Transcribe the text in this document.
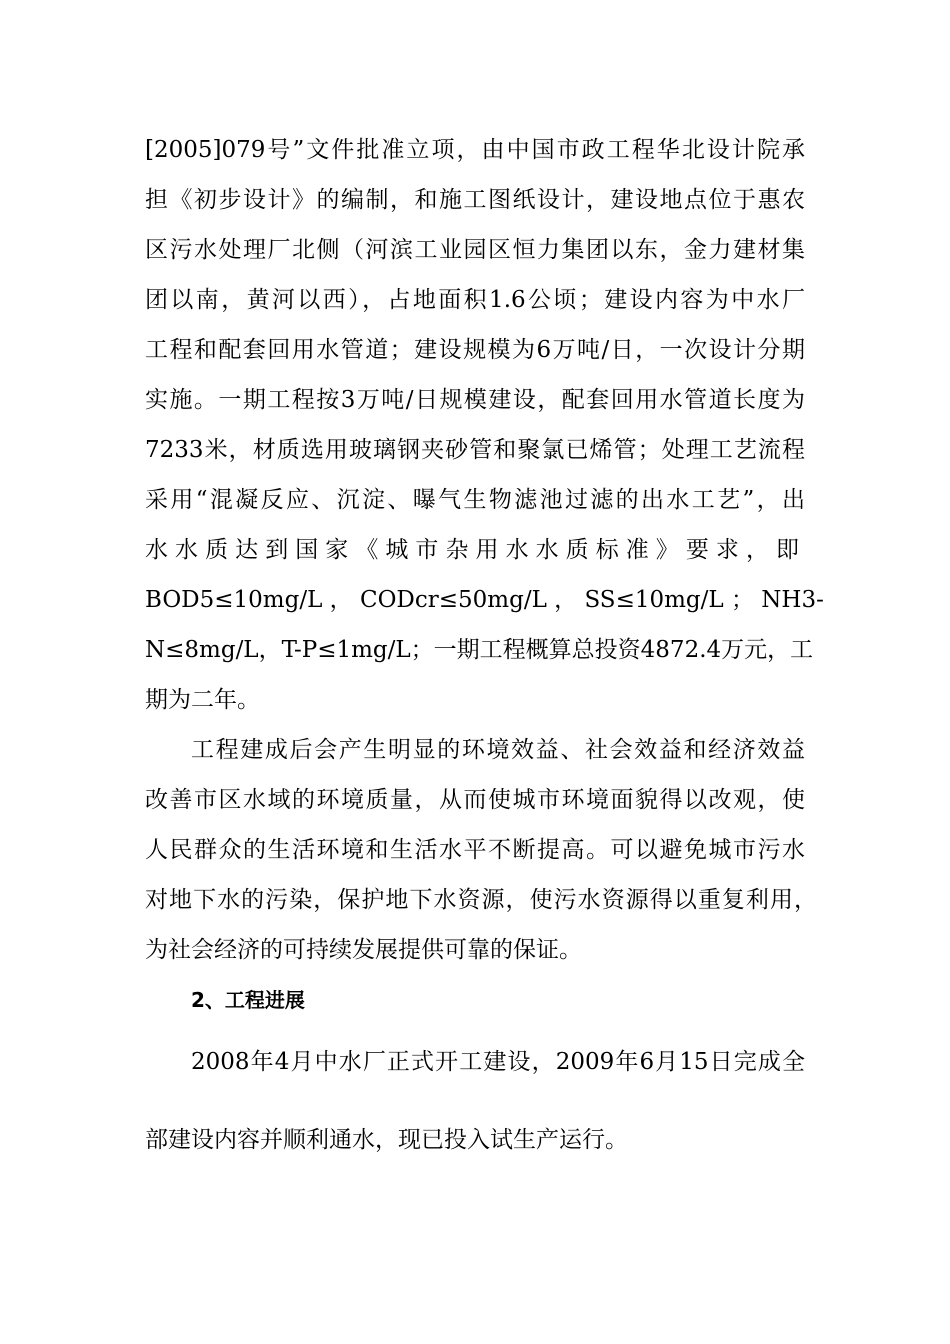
[2005]079号”文件批准立项，由中国市政工程华北设计院承
担《初步设计》的编制，和施工图纸设计，建设地点位于惠农
区污水处理厂北侧（河滨工业园区恒力集团以东，金力建材集
团以南，黄河以西），占地面积1.6公顷；建设内容为中水厂
工程和配套回用水管道；建设规模为6万吨/日，一次设计分期
实施。一期工程按3万吨/日规模建设，配套回用水管道长度为
7233米，材质选用玻璃钢夹砂管和聚氯已烯管；处理工艺流程
采用“混凝反应、沉淀、曝气生物滤池过滤的出水工艺”，出
水水质达到国家《城市杂用水水质标准》要求，即
BOD5≤10mg/L ， CODcr≤50mg/L ， SS≤10mg/L ； NH3-
N≤8mg/L，T-P≤1mg/L；一期工程概算总投资4872.4万元，工
期为二年。
工程建成后会产生明显的环境效益、社会效益和经济效益
改善市区水域的环境质量，从而使城市环境面貌得以改观，使
人民群众的生活环境和生活水平不断提高。可以避免城市污水
对地下水的污染，保护地下水资源，使污水资源得以重复利用，
为社会经济的可持续发展提供可靠的保证。
2、工程进展
2008年4月中水厂正式开工建设，2009年6月15日完成全
部建设内容并顺利通水，现已投入试生产运行。
